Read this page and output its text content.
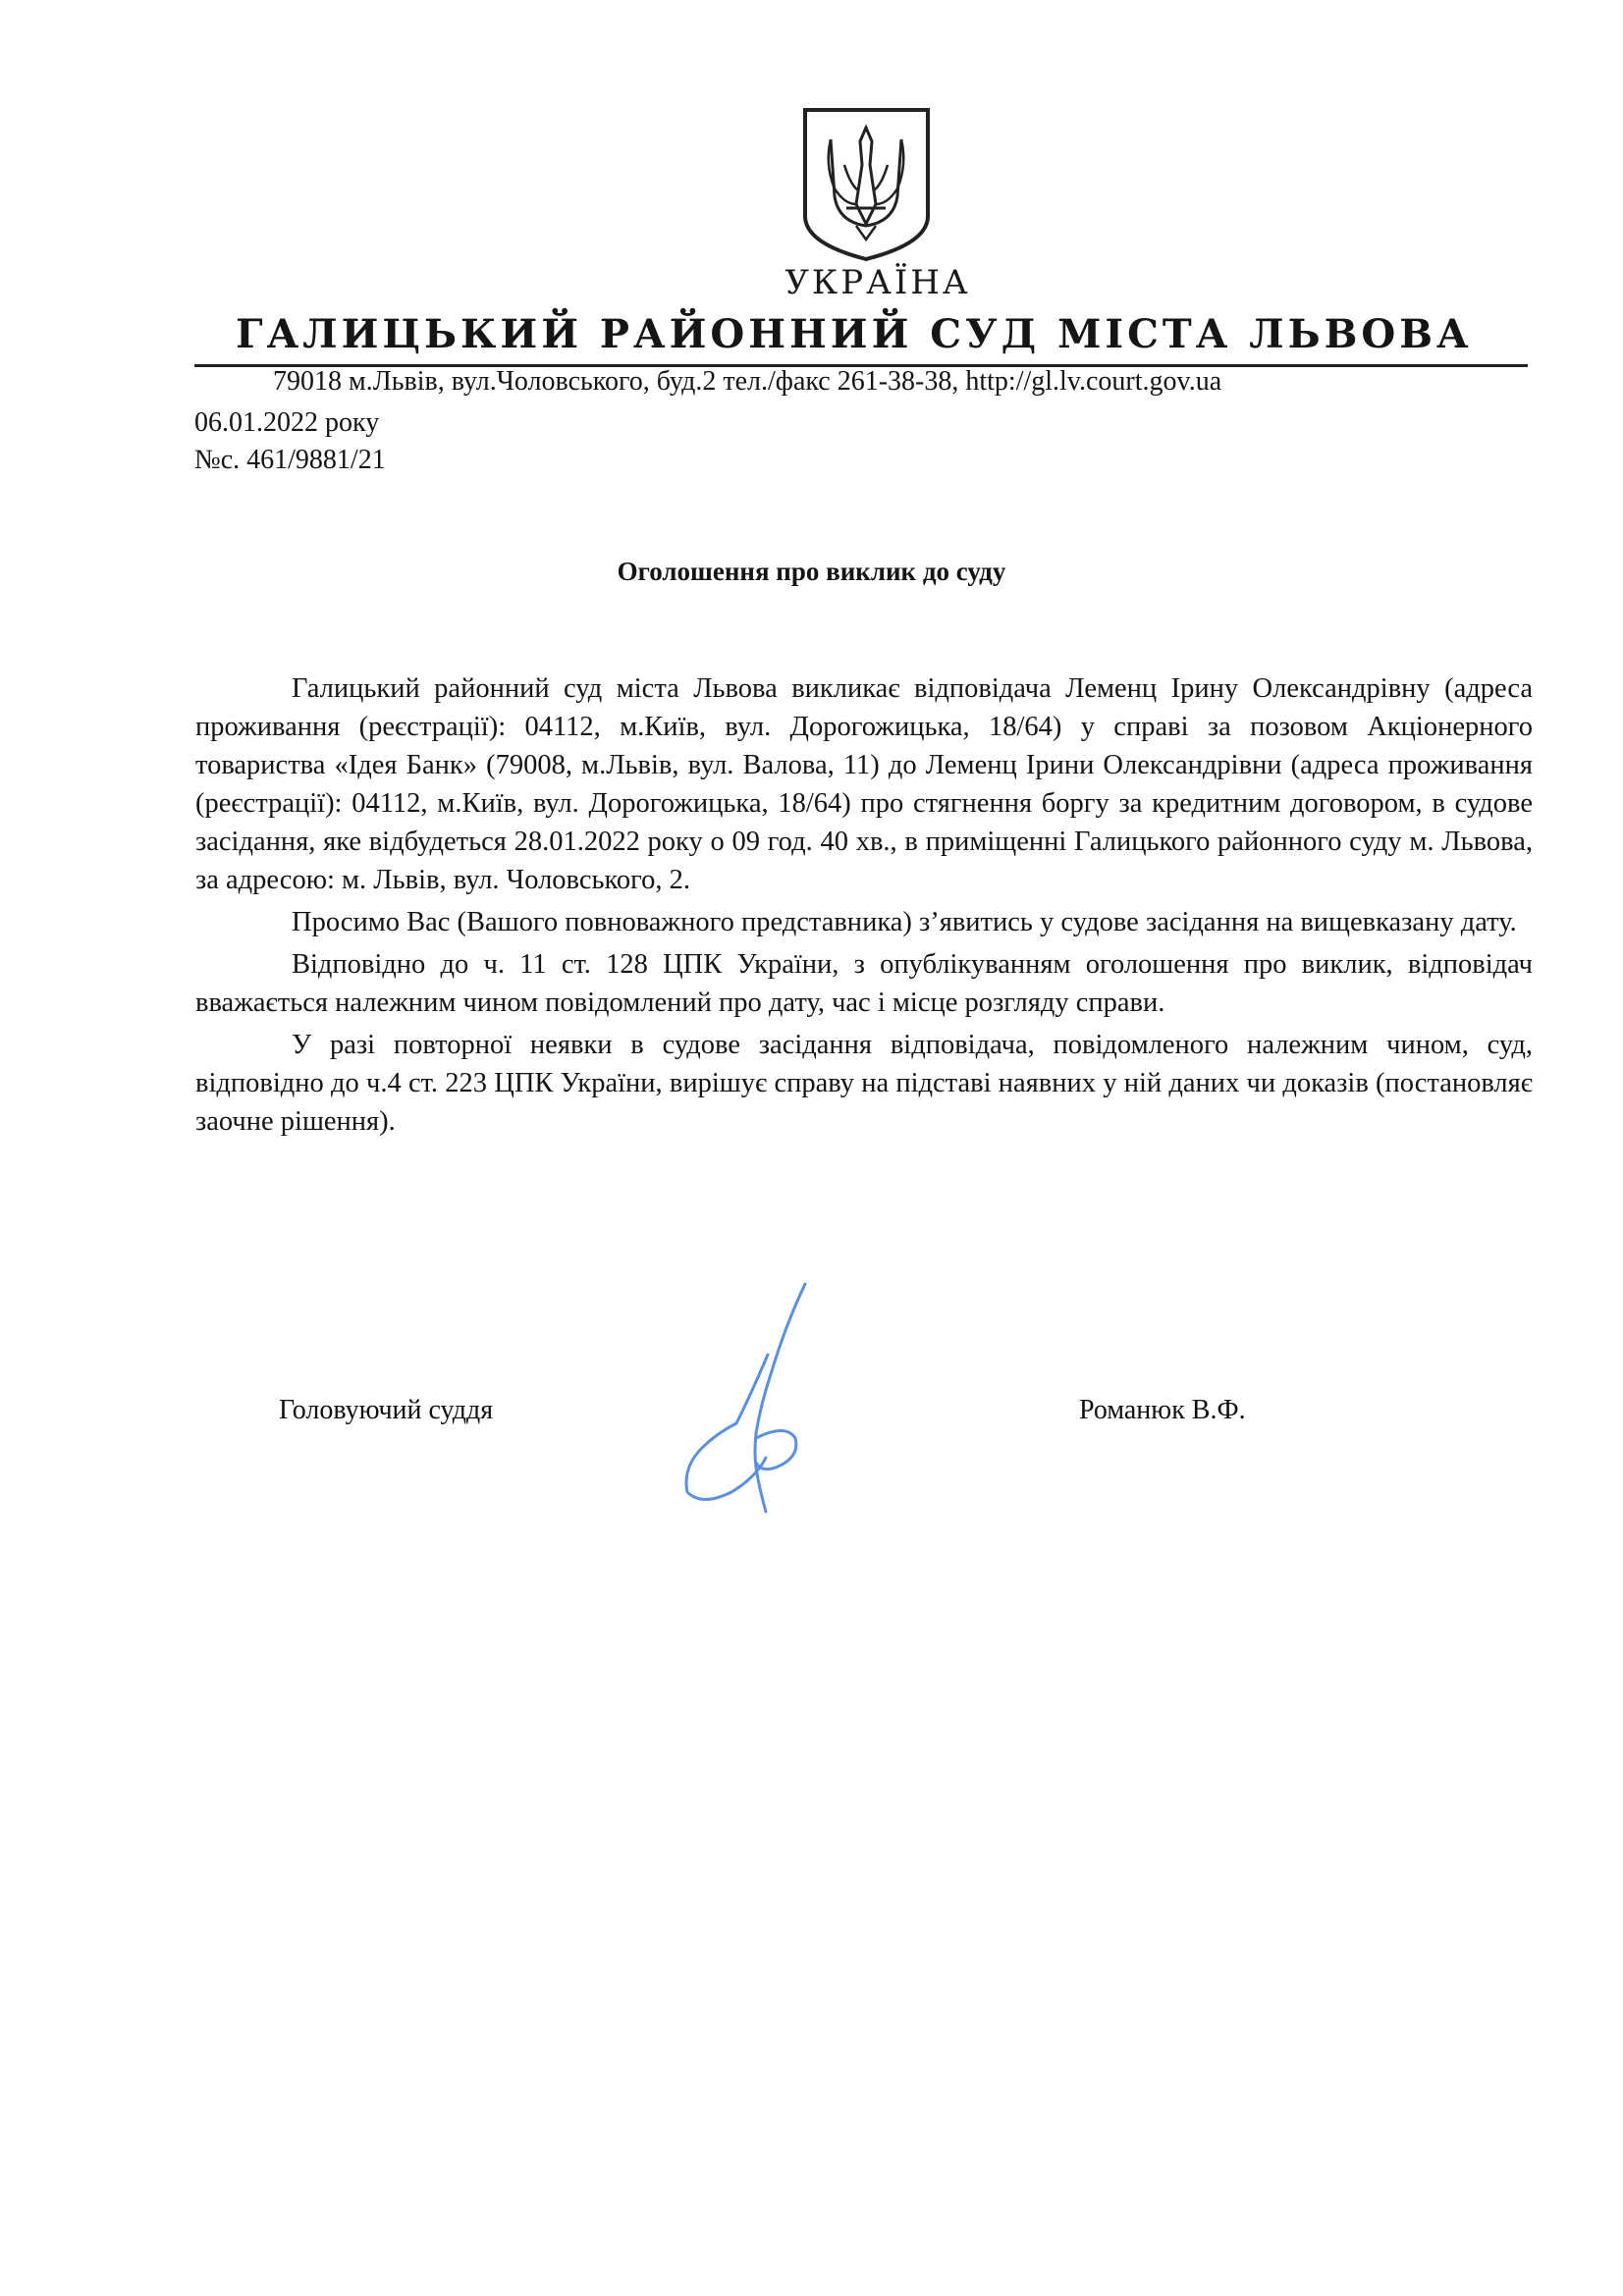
УКРАЇНА
ГАЛИЦЬКИЙ РАЙОННИЙ СУД МІСТА ЛЬВОВА
79018 м.Львів, вул.Чоловського, буд.2 тел./факс 261-38-38, http://gl.lv.court.gov.ua
06.01.2022 року
№с. 461/9881/21
Оголошення про виклик до суду

Галицький районний суд міста Львова викликає відповідача Леменц Ірину Олександрівну (адреса проживання (реєстрації): 04112, м.Київ, вул. Дорогожицька, 18/64) у справі за позовом Акціонерного товариства «Ідея Банк» (79008, м.Львів, вул. Валова, 11) до Леменц Ірини Олександрівни (адреса проживання (реєстрації): 04112, м.Київ, вул. Дорогожицька, 18/64) про стягнення боргу за кредитним договором, в судове засідання, яке відбудеться 28.01.2022 року о 09 год. 40 хв., в приміщенні Галицького районного суду м. Львова, за адресою: м. Львів, вул. Чоловського, 2.

Просимо Вас (Вашого повноважного представника) з’явитись у судове засідання на вищевказану дату.

Відповідно до ч. 11 ст. 128 ЦПК України, з опублікуванням оголошення про виклик, відповідач вважається належним чином повідомлений про дату, час і місце розгляду справи.

У разі повторної неявки в судове засідання відповідача, повідомленого належним чином, суд, відповідно до ч.4 ст. 223 ЦПК України, вирішує справу на підставі наявних у ній даних чи доказів (постановляє заочне рішення).

Головуючий суддя	Романюк В.Ф.
